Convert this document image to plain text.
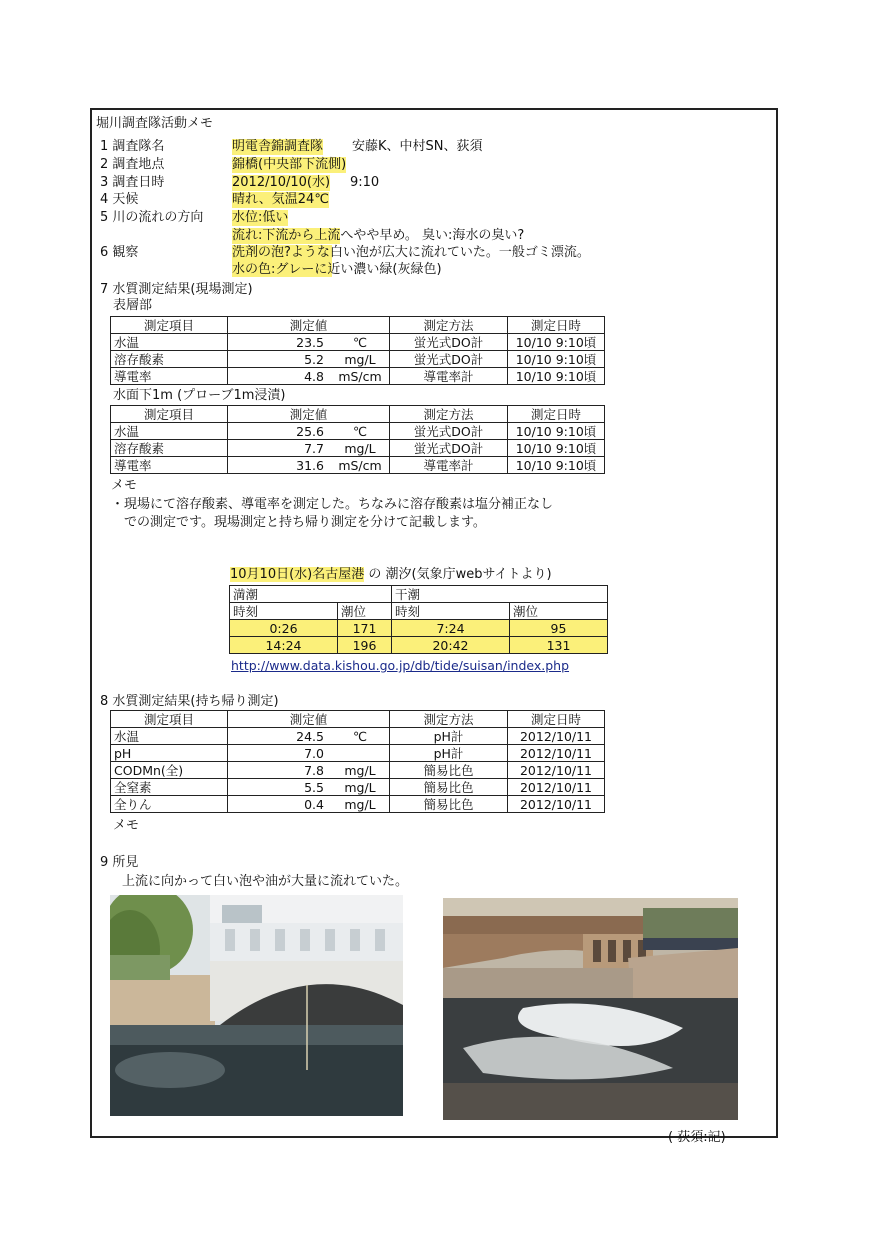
堀川調査隊活動メモ
1 調査隊名	明電舎錦調査隊 安藤K、中村SN、荻須
2 調査地点	錦橋(中央部下流側)
3 調査日時	2012/10/10(水) 9:10
4 天候	晴れ、気温24℃
5 川の流れの方向 水位:低い
流れ:下流から上流へやや早め。 臭い:海水の臭い?
6 観察	洗剤の泡?ような白い泡が広大に流れていた。一般ゴミ漂流。
水の色:グレーに近い濃い緑(灰緑色)
7 水質測定結果(現場測定)
表層部
測定項目	測定値	測定方法	測定日時
水温	23.5 ℃	蛍光式DO計	10/10 9:10頃
溶存酸素	5.2 mg/L	蛍光式DO計	10/10 9:10頃
導電率	4.8 mS/cm	導電率計	10/10 9:10頃
水面下1m (プローブ1m浸漬)
測定項目	測定値	測定方法	測定日時
水温	25.6 ℃	蛍光式DO計	10/10 9:10頃
溶存酸素	7.7 mg/L	蛍光式DO計	10/10 9:10頃
導電率	31.6 mS/cm	導電率計	10/10 9:10頃
メモ
・現場にて溶存酸素、導電率を測定した。ちなみに溶存酸素は塩分補正なし
での測定です。現場測定と持ち帰り測定を分けて記載します。
10月10日(水)名古屋港 の 潮汐(気象庁webサイトより)
満潮		干潮	
時刻	潮位	時刻	潮位
0:26	171	7:24	95
14:24	196	20:42	131
http://www.data.kishou.go.jp/db/tide/suisan/index.php
8 水質測定結果(持ち帰り測定)
測定項目	測定値	測定方法	測定日時
水温	24.5 ℃	pH計	2012/10/11
pH	7.0	pH計	2012/10/11
CODMn(全)	7.8 mg/L	簡易比色	2012/10/11
全窒素	5.5 mg/L	簡易比色	2012/10/11
全りん	0.4 mg/L	簡易比色	2012/10/11
メモ
9 所見
上流に向かって白い泡や油が大量に流れていた。
( 荻須:記)
